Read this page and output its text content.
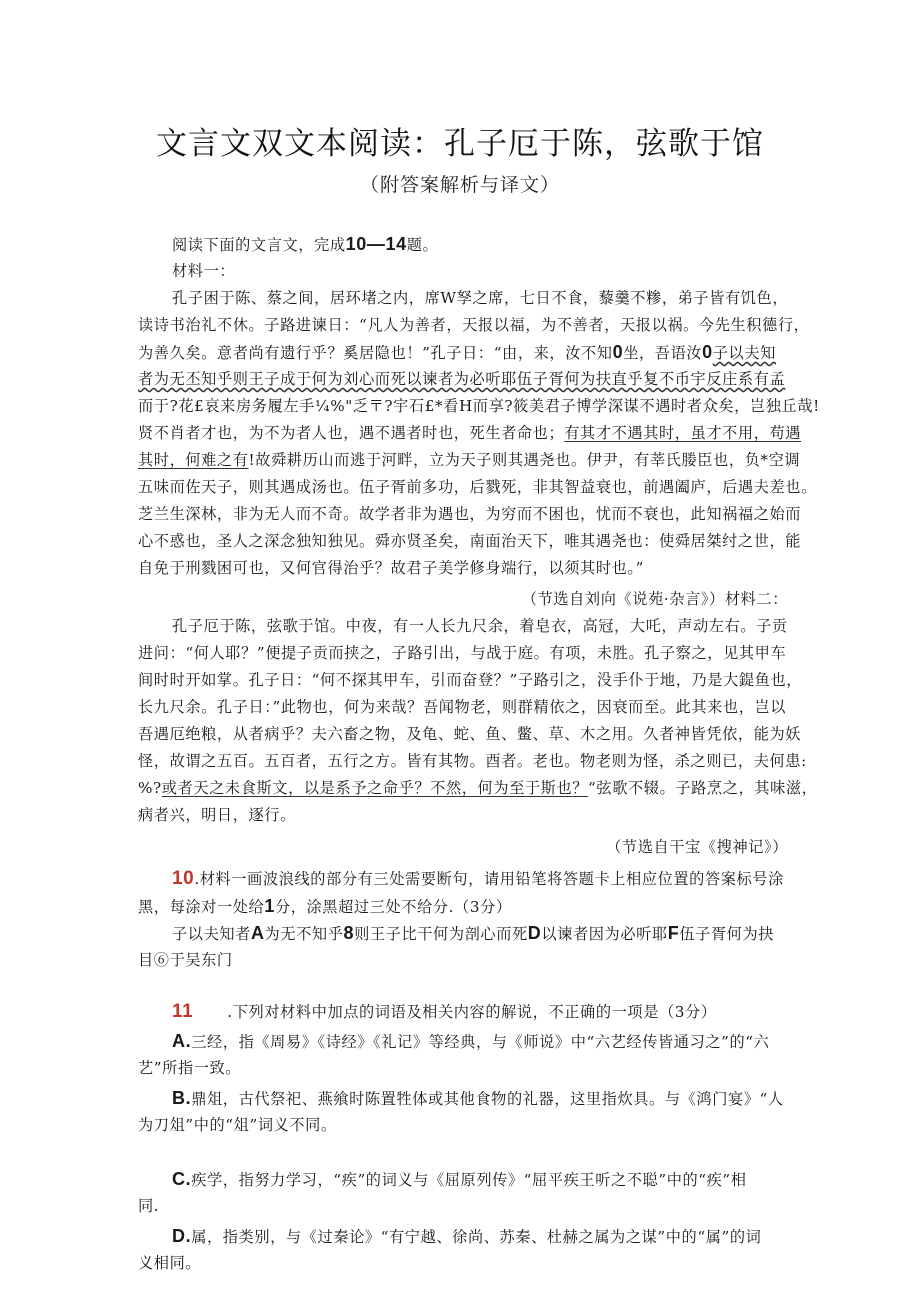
文言文双文本阅读：孔子厄于陈，弦歌于馆
（附答案解析与译文）
阅读下面的文言文，完成10—14题。
材料一：
孔子困于陈、蔡之间，居环堵之内，席W孥之席，七日不食，藜羹不糁，弟子皆有饥色，
读诗书治礼不休。子路进谏日：“凡人为善者，天报以福，为不善者，天报以祸。今先生积德行，
为善久矣。意者尚有遗行乎？奚居隐也！”孔子日：“由，来，汝不知0坐，吾语汝0子以夫知
者为无丕知乎则王子成于何为刘心而死以谏者为必听耶伍子胥何为扶直乎复不币宇反庄系有孟
而于?花£哀来房务履左手¼%"乏〒?宇石£*看H而享?筱美君子博学深谋不遇时者众矣，岂独丘哉!
贤不肖者才也，为不为者人也，遇不遇者时也，死生者命也；有其才不遇其时，虽才不用，苟遇
其时，何难之有!故舜耕历山而逃于河畔，立为天子则其遇尧也。伊尹，有莘氏媵臣也，负*空调
五味而佐天子，则其遇成汤也。伍子胥前多功，后戮死，非其智益衰也，前遇阖庐，后遇夫差也。
芝兰生深林，非为无人而不奇。故学者非为遇也，为穷而不困也，忧而不衰也，此知祸福之始而
心不惑也，圣人之深念独知独见。舜亦贤圣矣，南面治天下，唯其遇尧也：使舜居桀纣之世，能
自免于刑戮困可也，又何官得治乎？故君子美学修身端行，以须其时也。”
（节选自刘向《说苑·杂言》）材料二：
孔子厄于陈，弦歌于馆。中夜，有一人长九尺余，着皂衣，高冠，大吒，声动左右。子贡
进问：“何人耶？”便提子贡而挟之，子路引出，与战于庭。有项，未胜。孔子察之，见其甲车
间时时开如掌。孔子日：“何不探其甲车，引而奋登？”子路引之，没手仆于地，乃是大鍉鱼也，
长九尺余。孔子日：”此物也，何为来哉？吾闻物老，则群精依之，因衰而至。此其来也，岂以
吾遇厄绝粮，从者病乎？夫六畜之物，及龟、蛇、鱼、鳖、草、木之用。久者神皆凭依，能为妖
怪，故谓之五百。五百者，五行之方。皆有其物。酉者。老也。物老则为怪，杀之则已，夫何患:
%?或者天之未食斯文，以是系予之命乎？不然，何为至于斯也？“弦歌不辍。子路烹之，其味滋，
病者兴，明日，逐行。
（节选自干宝《搜神记》）
10.材料一画波浪线的部分有三处需要断句，请用铅笔将答题卡上相应位置的答案标号涂
黑，每涂对一处给1分，涂黑超过三处不给分.（3分）
子以夫知者A为无不知乎8则王子比干何为剖心而死D以谏者因为必听耶F伍子胥何为抉
目⑥于吴东门
11 .下列对材料中加点的词语及相关内容的解说，不正确的一项是（3分）
A.三经，指《周易》《诗经》《礼记》等经典，与《师说》中“六艺经传皆通习之”的“六
艺”所指一致。
B.鼎俎，古代祭祀、燕飨时陈置牲体或其他食物的礼器，这里指炊具。与《鸿门宴》“人
为刀俎”中的“俎”词义不同。
C.疾学，指努力学习，“疾”的词义与《屈原列传》“屈平疾王听之不聪”中的“疾”相
同.
D.属，指类别，与《过秦论》“有宁越、徐尚、苏秦、杜赫之属为之谋”中的“属”的词
义相同。
